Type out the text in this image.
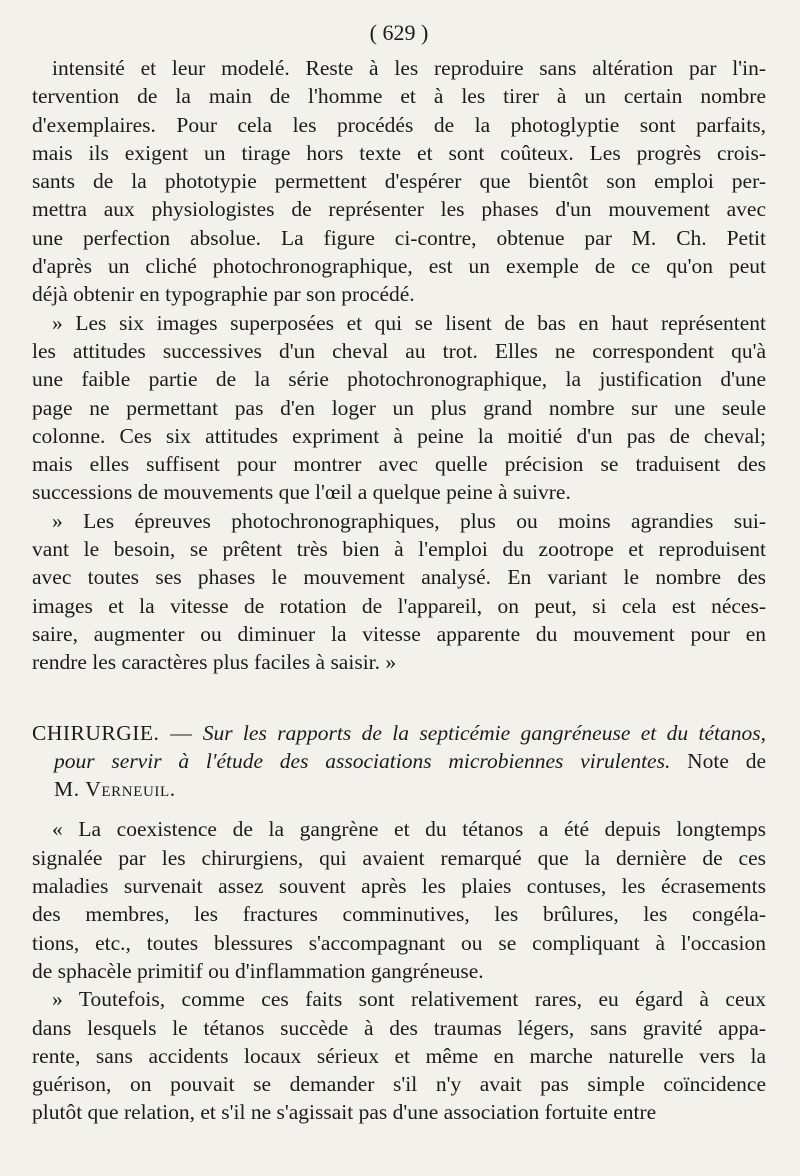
( 629 )
intensité et leur modelé. Reste à les reproduire sans altération par l'in-
tervention de la main de l'homme et à les tirer à un certain nombre
d'exemplaires. Pour cela les procédés de la photoglyptie sont parfaits,
mais ils exigent un tirage hors texte et sont coûteux. Les progrès crois-
sants de la phototypie permettent d'espérer que bientôt son emploi per-
mettra aux physiologistes de représenter les phases d'un mouvement avec
une perfection absolue. La figure ci-contre, obtenue par M. Ch. Petit
d'après un cliché photochronographique, est un exemple de ce qu'on peut
déjà obtenir en typographie par son procédé.
» Les six images superposées et qui se lisent de bas en haut représentent
les attitudes successives d'un cheval au trot. Elles ne correspondent qu'à
une faible partie de la série photochronographique, la justification d'une
page ne permettant pas d'en loger un plus grand nombre sur une seule
colonne. Ces six attitudes expriment à peine la moitié d'un pas de cheval;
mais elles suffisent pour montrer avec quelle précision se traduisent des
successions de mouvements que l'œil a quelque peine à suivre.
» Les épreuves photochronographiques, plus ou moins agrandies sui-
vant le besoin, se prêtent très bien à l'emploi du zootrope et reproduisent
avec toutes ses phases le mouvement analysé. En variant le nombre des
images et la vitesse de rotation de l'appareil, on peut, si cela est néces-
saire, augmenter ou diminuer la vitesse apparente du mouvement pour en
rendre les caractères plus faciles à saisir. »
CHIRURGIE. — Sur les rapports de la septicémie gangréneuse et du tétanos,
pour servir à l'étude des associations microbiennes virulentes. Note de
M. Verneuil.
« La coexistence de la gangrène et du tétanos a été depuis longtemps
signalée par les chirurgiens, qui avaient remarqué que la dernière de ces
maladies survenait assez souvent après les plaies contuses, les écrasements
des membres, les fractures comminutives, les brûlures, les congéla-
tions, etc., toutes blessures s'accompagnant ou se compliquant à l'occasion
de sphacèle primitif ou d'inflammation gangréneuse.
» Toutefois, comme ces faits sont relativement rares, eu égard à ceux
dans lesquels le tétanos succède à des traumas légers, sans gravité appa-
rente, sans accidents locaux sérieux et même en marche naturelle vers la
guérison, on pouvait se demander s'il n'y avait pas simple coïncidence
plutôt que relation, et s'il ne s'agissait pas d'une association fortuite entre
